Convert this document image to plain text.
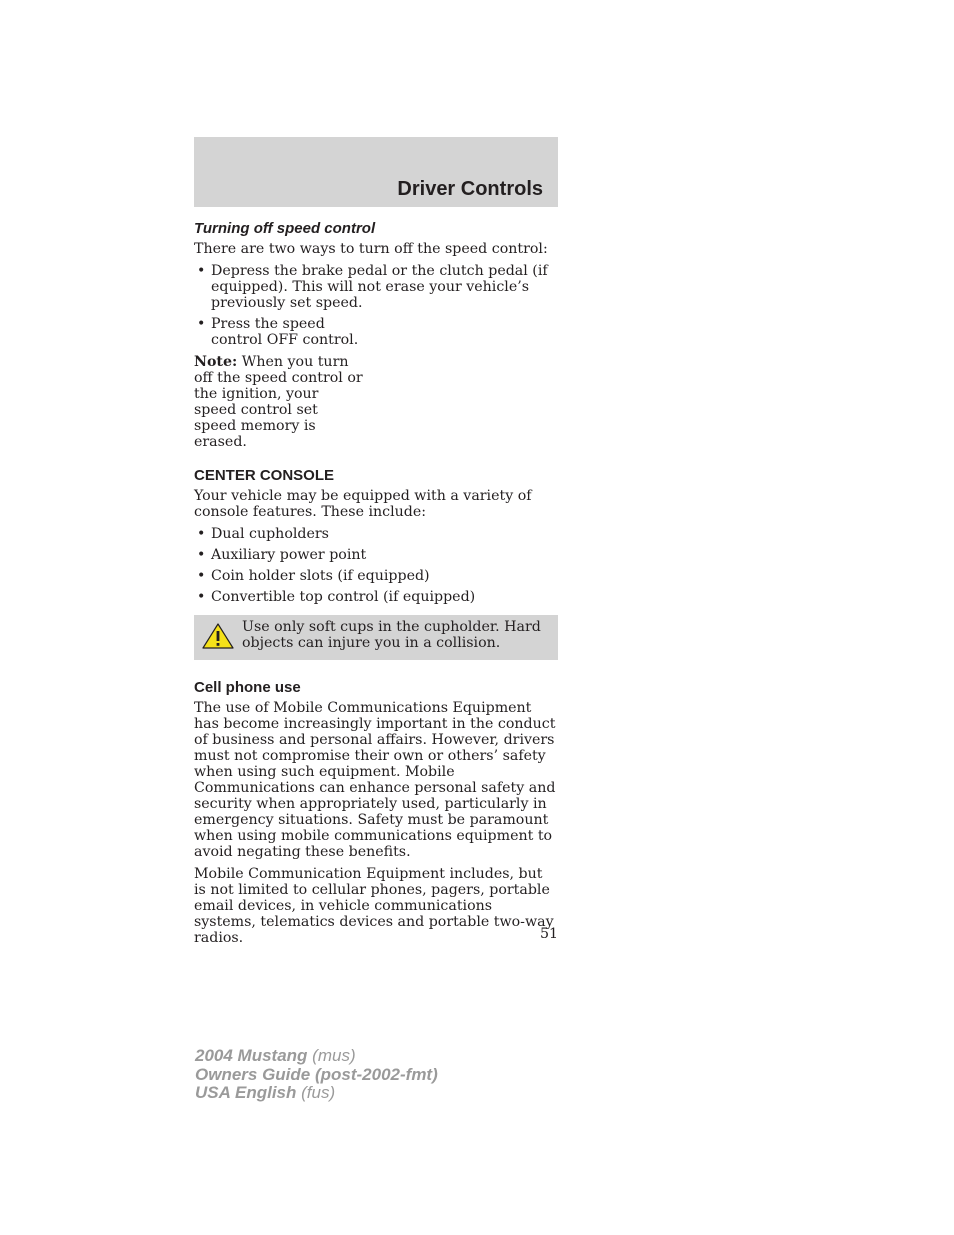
Driver Controls
Turning off speed control

There are two ways to turn off the speed control:

• Depress the brake pedal or the clutch pedal (if equipped). This will not erase your vehicle’s previously set speed.
• Press the speed control OFF control.

Note: When you turn off the speed control or the ignition, your speed control set speed memory is erased.

CENTER CONSOLE

Your vehicle may be equipped with a variety of console features. These include:

• Dual cupholders
• Auxiliary power point
• Coin holder slots (if equipped)
• Convertible top control (if equipped)
Use only soft cups in the cupholder. Hard objects can injure you in a collision.
Cell phone use

The use of Mobile Communications Equipment has become increasingly important in the conduct of business and personal affairs. However, drivers must not compromise their own or others’ safety when using such equipment. Mobile Communications can enhance personal safety and security when appropriately used, particularly in emergency situations. Safety must be paramount when using mobile communications equipment to avoid negating these benefits.

Mobile Communication Equipment includes, but is not limited to cellular phones, pagers, portable email devices, in vehicle communications systems, telematics devices and portable two-way radios.	51
2004 Mustang (mus)
Owners Guide (post-2002-fmt)
USA English (fus)
